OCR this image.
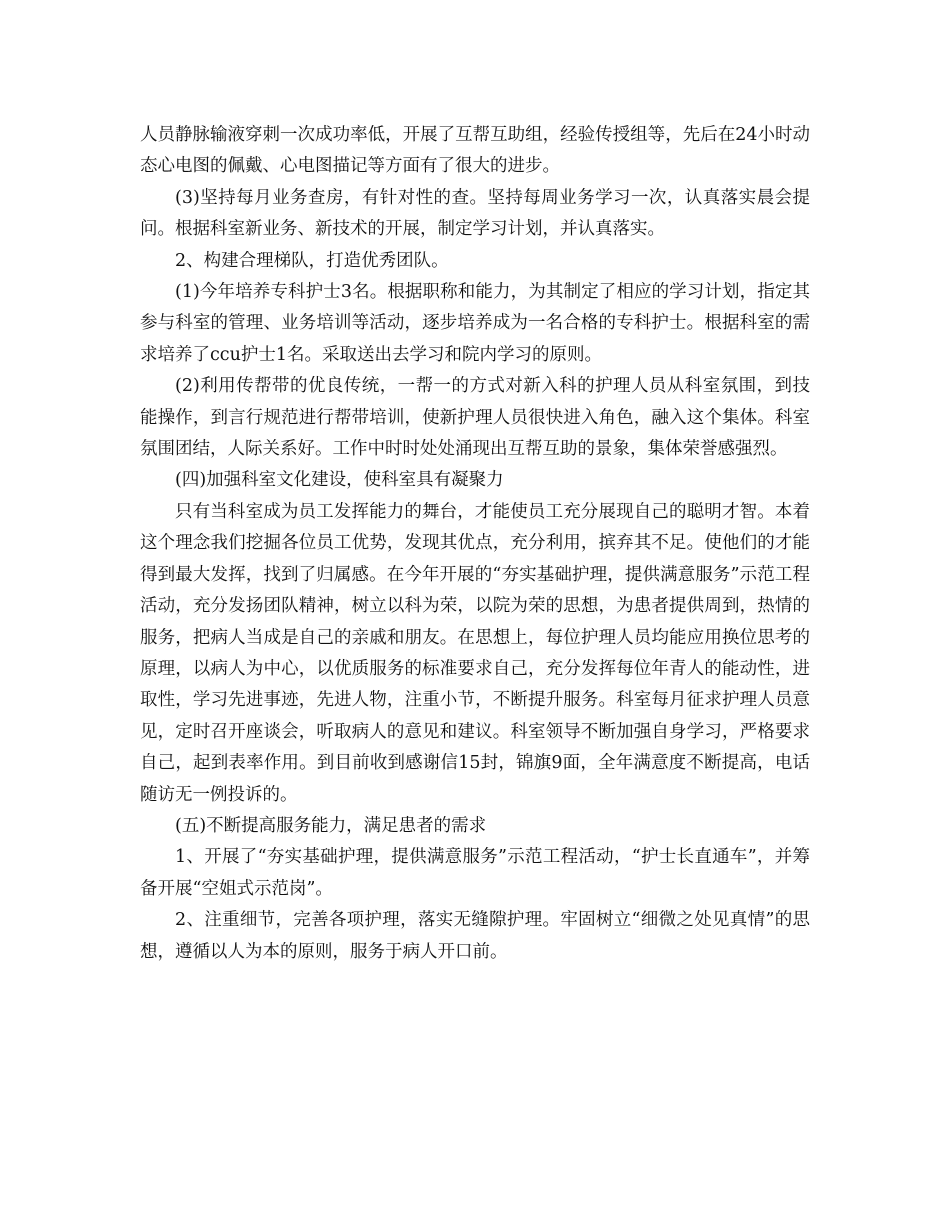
人员静脉输液穿刺一次成功率低，开展了互帮互助组，经验传授组等，先后在24小时动态心电图的佩戴、心电图描记等方面有了很大的进步。

(3)坚持每月业务查房，有针对性的查。坚持每周业务学习一次，认真落实晨会提问。根据科室新业务、新技术的开展，制定学习计划，并认真落实。

2、构建合理梯队，打造优秀团队。

(1)今年培养专科护士3名。根据职称和能力，为其制定了相应的学习计划，指定其参与科室的管理、业务培训等活动，逐步培养成为一名合格的专科护士。根据科室的需求培养了ccu护士1名。采取送出去学习和院内学习的原则。

(2)利用传帮带的优良传统，一帮一的方式对新入科的护理人员从科室氛围，到技能操作，到言行规范进行帮带培训，使新护理人员很快进入角色，融入这个集体。科室氛围团结，人际关系好。工作中时时处处涌现出互帮互助的景象，集体荣誉感强烈。

(四)加强科室文化建设，使科室具有凝聚力

只有当科室成为员工发挥能力的舞台，才能使员工充分展现自己的聪明才智。本着这个理念我们挖掘各位员工优势，发现其优点，充分利用，摈弃其不足。使他们的才能得到最大发挥，找到了归属感。在今年开展的“夯实基础护理，提供满意服务”示范工程活动，充分发扬团队精神，树立以科为荣，以院为荣的思想，为患者提供周到，热情的服务，把病人当成是自己的亲戚和朋友。在思想上，每位护理人员均能应用换位思考的原理，以病人为中心，以优质服务的标准要求自己，充分发挥每位年青人的能动性，进取性，学习先进事迹，先进人物，注重小节，不断提升服务。科室每月征求护理人员意见，定时召开座谈会，听取病人的意见和建议。科室领导不断加强自身学习，严格要求自己，起到表率作用。到目前收到感谢信15封，锦旗9面，全年满意度不断提高，电话随访无一例投诉的。

(五)不断提高服务能力，满足患者的需求

1、开展了“夯实基础护理，提供满意服务”示范工程活动，“护士长直通车”，并筹备开展“空姐式示范岗”。

2、注重细节，完善各项护理，落实无缝隙护理。牢固树立“细微之处见真情”的思想，遵循以人为本的原则，服务于病人开口前。
